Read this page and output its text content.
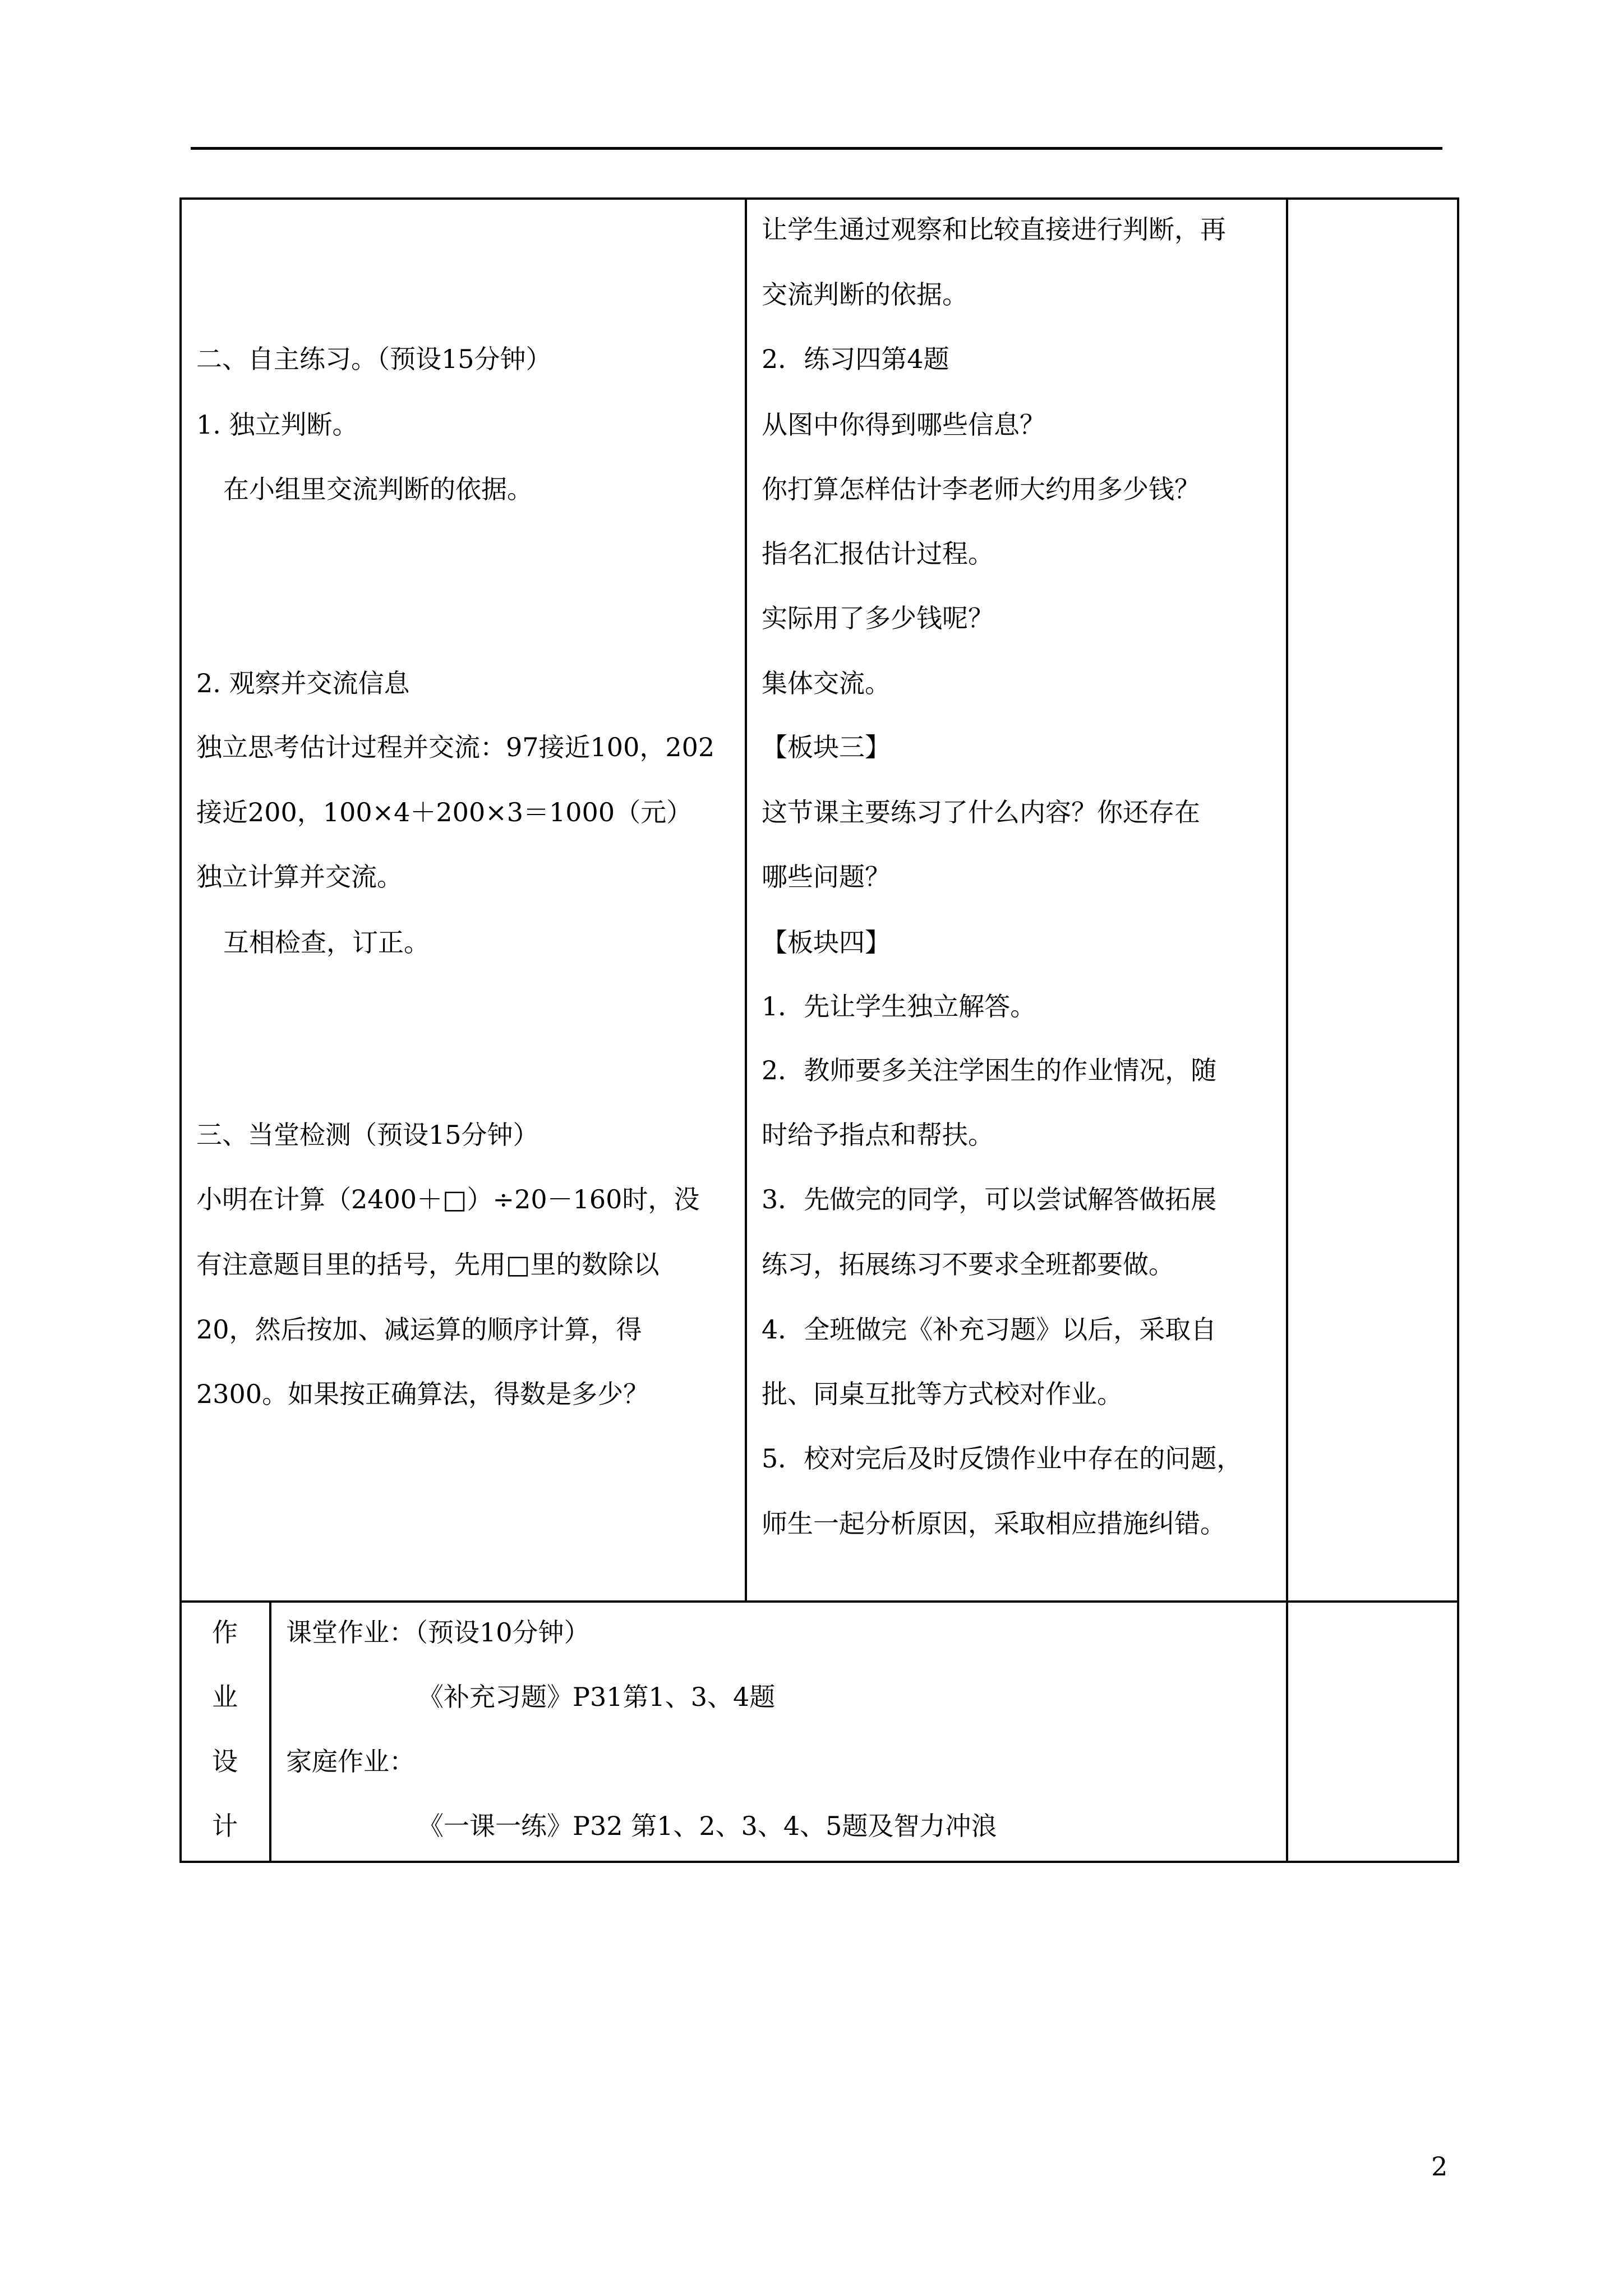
二、自主练习。（预设15分钟）
1. 独立判断。
在小组里交流判断的依据。
2. 观察并交流信息
独立思考估计过程并交流：97接近100，202
接近200，100×4＋200×3＝1000（元）
独立计算并交流。
互相检查，订正。
三、当堂检测（预设15分钟）
小明在计算（2400＋□）÷20－160时，没
有注意题目里的括号，先用□里的数除以
20，然后按加、减运算的顺序计算，得
2300。如果按正确算法，得数是多少？
让学生通过观察和比较直接进行判断，再
交流判断的依据。
2．练习四第4题
从图中你得到哪些信息？
你打算怎样估计李老师大约用多少钱？
指名汇报估计过程。
实际用了多少钱呢？
集体交流。
【板块三】
这节课主要练习了什么内容？你还存在
哪些问题？
【板块四】
1．先让学生独立解答。
2．教师要多关注学困生的作业情况，随
时给予指点和帮扶。
3．先做完的同学，可以尝试解答做拓展
练习，拓展练习不要求全班都要做。
4．全班做完《补充习题》以后，采取自
批、同桌互批等方式校对作业。
5．校对完后及时反馈作业中存在的问题，
师生一起分析原因，采取相应措施纠错。
作
业
设
计
课堂作业：（预设10分钟）
《补充习题》P31第1、3、4题
家庭作业：
《一课一练》P32 第1、2、3、4、5题及智力冲浪
2
